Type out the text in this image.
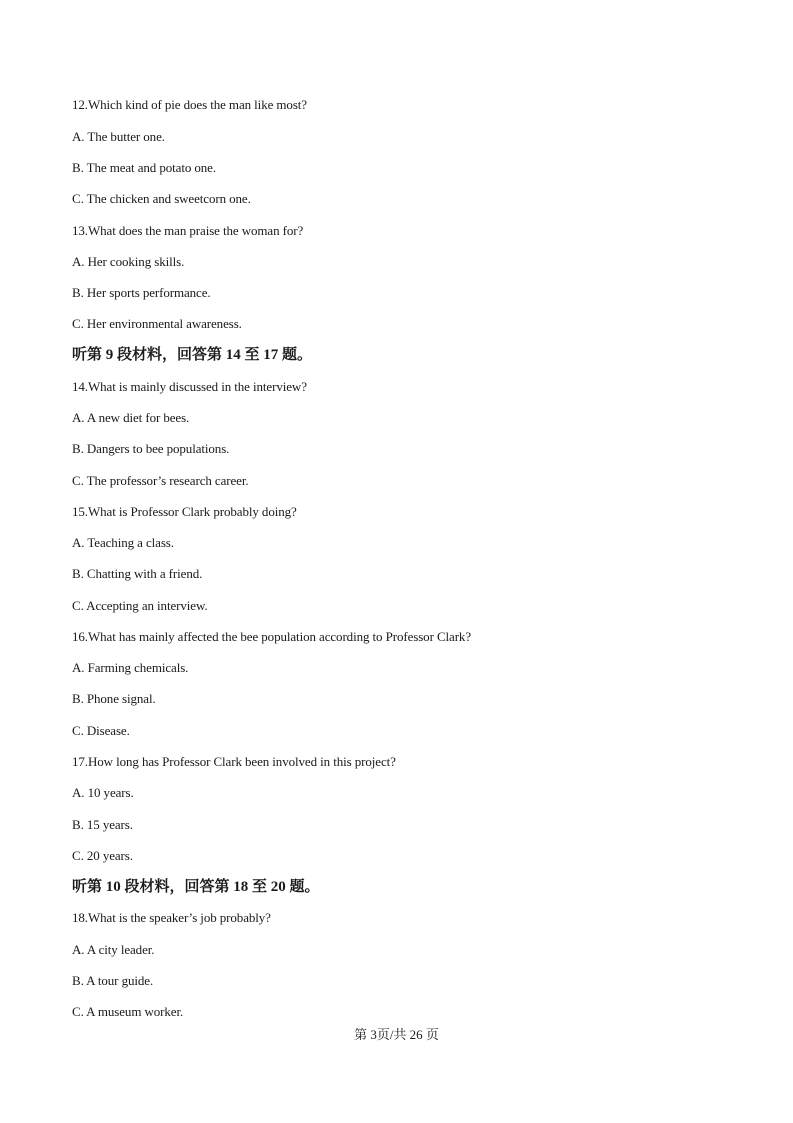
12.Which kind of pie does the man like most?
A. The butter one.
B. The meat and potato one.
C. The chicken and sweetcorn one.
13.What does the man praise the woman for?
A. Her cooking skills.
B. Her sports performance.
C. Her environmental awareness.
听第 9 段材料，回答第 14 至 17 题。
14.What is mainly discussed in the interview?
A. A new diet for bees.
B. Dangers to bee populations.
C. The professor’s research career.
15.What is Professor Clark probably doing?
A. Teaching a class.
B. Chatting with a friend.
C. Accepting an interview.
16.What has mainly affected the bee population according to Professor Clark?
A. Farming chemicals.
B. Phone signal.
C. Disease.
17.How long has Professor Clark been involved in this project?
A. 10 years.
B. 15 years.
C. 20 years.
听第 10 段材料，回答第 18 至 20 题。
18.What is the speaker’s job probably?
A. A city leader.
B. A tour guide.
C. A museum worker.
第 3页/共 26 页
